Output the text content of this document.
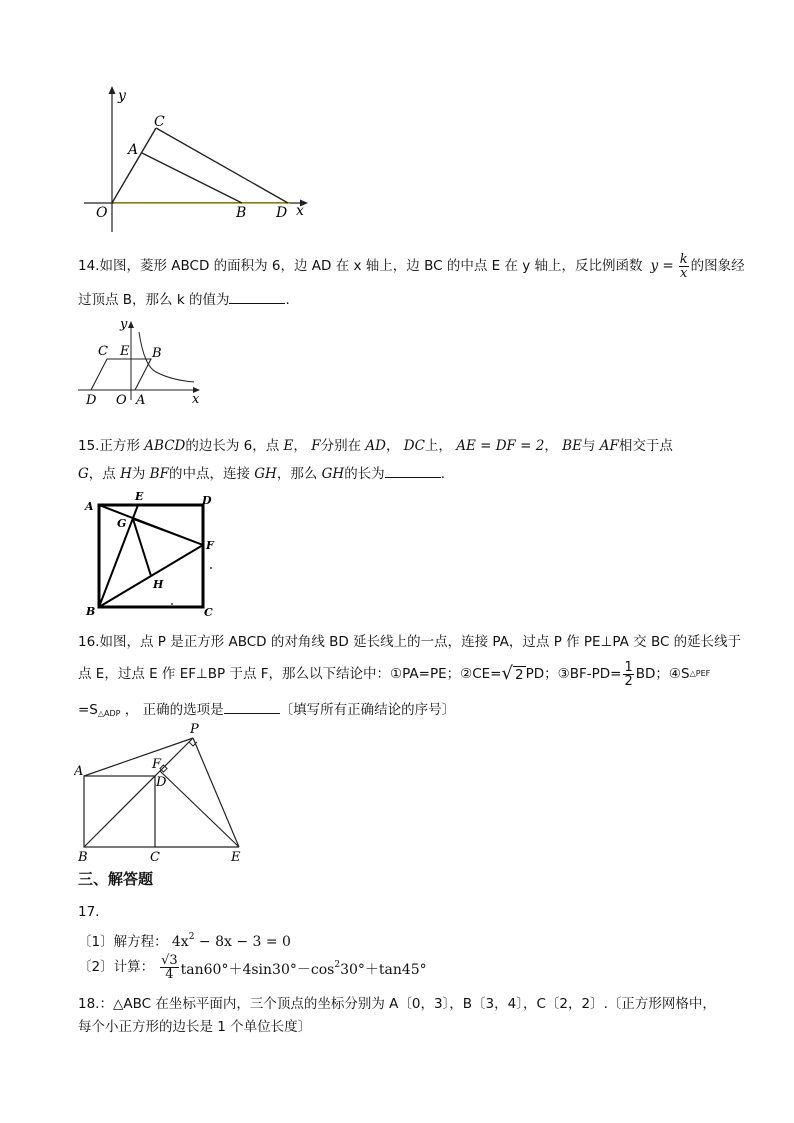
y
x
O
A
C
B D
14.如图，菱形 ABCD 的面积为 6，边 AD 在 x 轴上，边 BC 的中点 E 在 y 轴上，反比例函数 $y = \frac{k}{x}$ 的图象经
过顶点 B，那么 k 的值为	.
y
x
C E B
D O A
15.正方形 ABCD的边长为 6，点 E， F分别在 AD， DC上， AE = DF = 2， BE与 AF相交于点
G，点 H为 BF的中点，连接 GH，那么 GH的长为	.
A
E	D
G
F
H
B	C
16.如图，点 P 是正方形 ABCD 的对角线 BD 延长线上的一点，连接 PA，过点 P 作 PE⊥PA 交 BC 的延长线于
点 E，过点 E 作 EF⊥BP 于点 F，那么以下结论中：①PA=PE；②CE= √ 2 PD；③BF-PD= $\frac{1}{2}$ BD；④S △PEF
$=S_{\triangle ADP}$ ， 正确的选项是	〔填写所有正确结论的序号〕
P
A	F
D
B	C	E
三、解答题
17.
〔1〕解方程： $4x^2 - 8x - 3 = 0$
〔2〕计算： $\frac{√3}{4} \tan 60^\circ+4\sin 30^\circ-\cos^230^\circ+\tan 45^\circ$
18.：△ABC 在坐标平面内，三个顶点的坐标分别为 A〔0，3〕，B〔3，4〕，C〔2，2〕.〔正方形网格中，
每个小正方形的边长是 1 个单位长度〕
